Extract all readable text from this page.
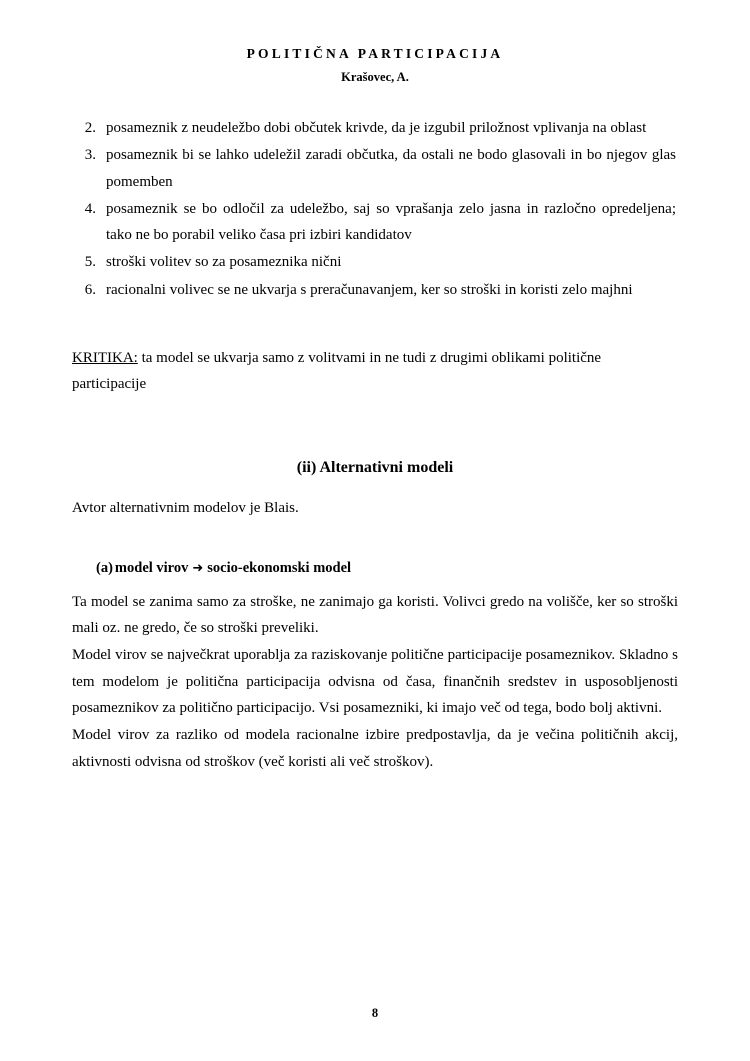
POLITIČNA PARTICIPACIJA
Krašovec, A.
2. posameznik z neudeležbo dobi občutek krivde, da je izgubil priložnost vplivanja na oblast
3. posameznik bi se lahko udeležil zaradi občutka, da ostali ne bodo glasovali in bo njegov glas pomemben
4. posameznik se bo odločil za udeležbo, saj so vprašanja zelo jasna in razločno opredeljena; tako ne bo porabil veliko časa pri izbiri kandidatov
5. stroški volitev so za posameznika nični
6. racionalni volivec se ne ukvarja s preračunavanjem, ker so stroški in koristi zelo majhni

KRITIKA: ta model se ukvarja samo z volitvami in ne tudi z drugimi oblikami politične participacije

(ii) Alternativni modeli

Avtor alternativnim modelov je Blais.

(a) model virov ➜ socio-ekonomski model

Ta model se zanima samo za stroške, ne zanimajo ga koristi. Volivci gredo na volišče, ker so stroški mali oz. ne gredo, če so stroški preveliki.

Model virov se največkrat uporablja za raziskovanje politične participacije posameznikov. Skladno s tem modelom je politična participacija odvisna od časa, finančnih sredstev in usposobljenosti posameznikov za politično participacijo. Vsi posamezniki, ki imajo več od tega, bodo bolj aktivni.

Model virov za razliko od modela racionalne izbire predpostavlja, da je večina političnih akcij, aktivnosti odvisna od stroškov (več koristi ali več stroškov).

8
